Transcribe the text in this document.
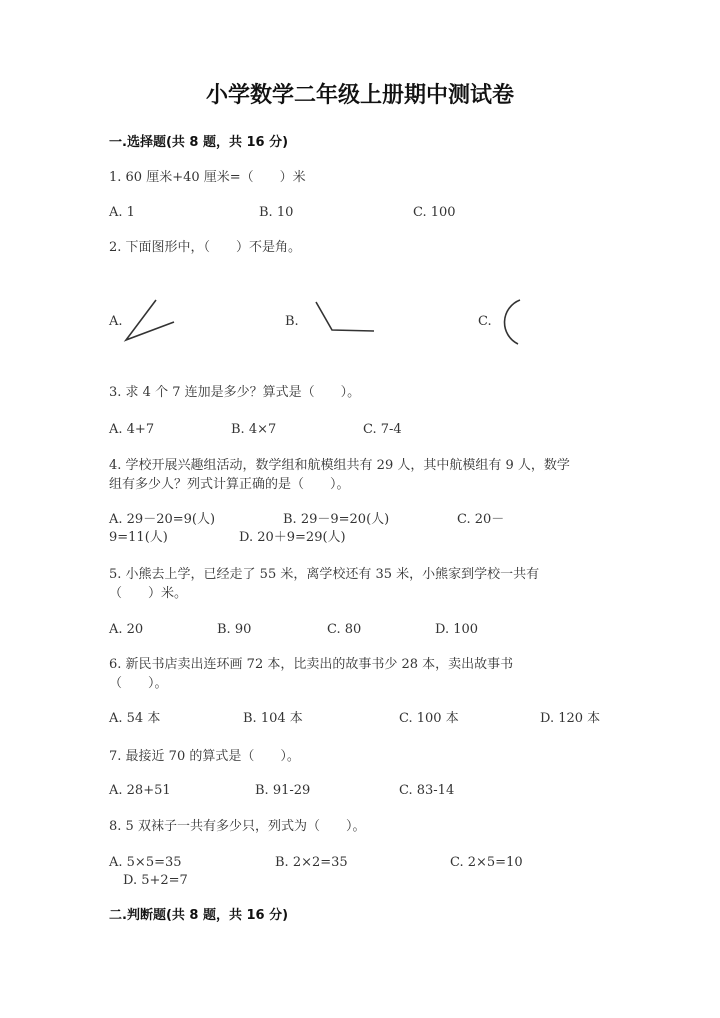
小学数学二年级上册期中测试卷
一.选择题(共 8 题，共 16 分)
1. 60 厘米+40 厘米=（　　）米
A. 1	B. 10	C. 100
2. 下面图形中，（　　）不是角。
A.	B.	C.
3. 求 4 个 7 连加是多少？算式是（　　）。
A. 4+7	B. 4×7	C. 7-4
4. 学校开展兴趣组活动，数学组和航模组共有 29 人，其中航模组有 9 人，数学
组有多少人？列式计算正确的是（　　）。
A. 29－20=9(人)	B. 29－9=20(人)	C. 20－
9=11(人)	D. 20＋9=29(人)
5. 小熊去上学，已经走了 55 米，离学校还有 35 米，小熊家到学校一共有
（　　）米。
A. 20	B. 90	C. 80	D. 100
6. 新民书店卖出连环画 72 本，比卖出的故事书少 28 本，卖出故事书
（　　）。
A. 54 本	B. 104 本	C. 100 本	D. 120 本
7. 最接近 70 的算式是（　　）。
A. 28+51	B. 91-29	C. 83-14
8. 5 双袜子一共有多少只，列式为（　　）。
A. 5×5=35	B. 2×2=35	C. 2×5=10
D. 5+2=7
二.判断题(共 8 题，共 16 分)
